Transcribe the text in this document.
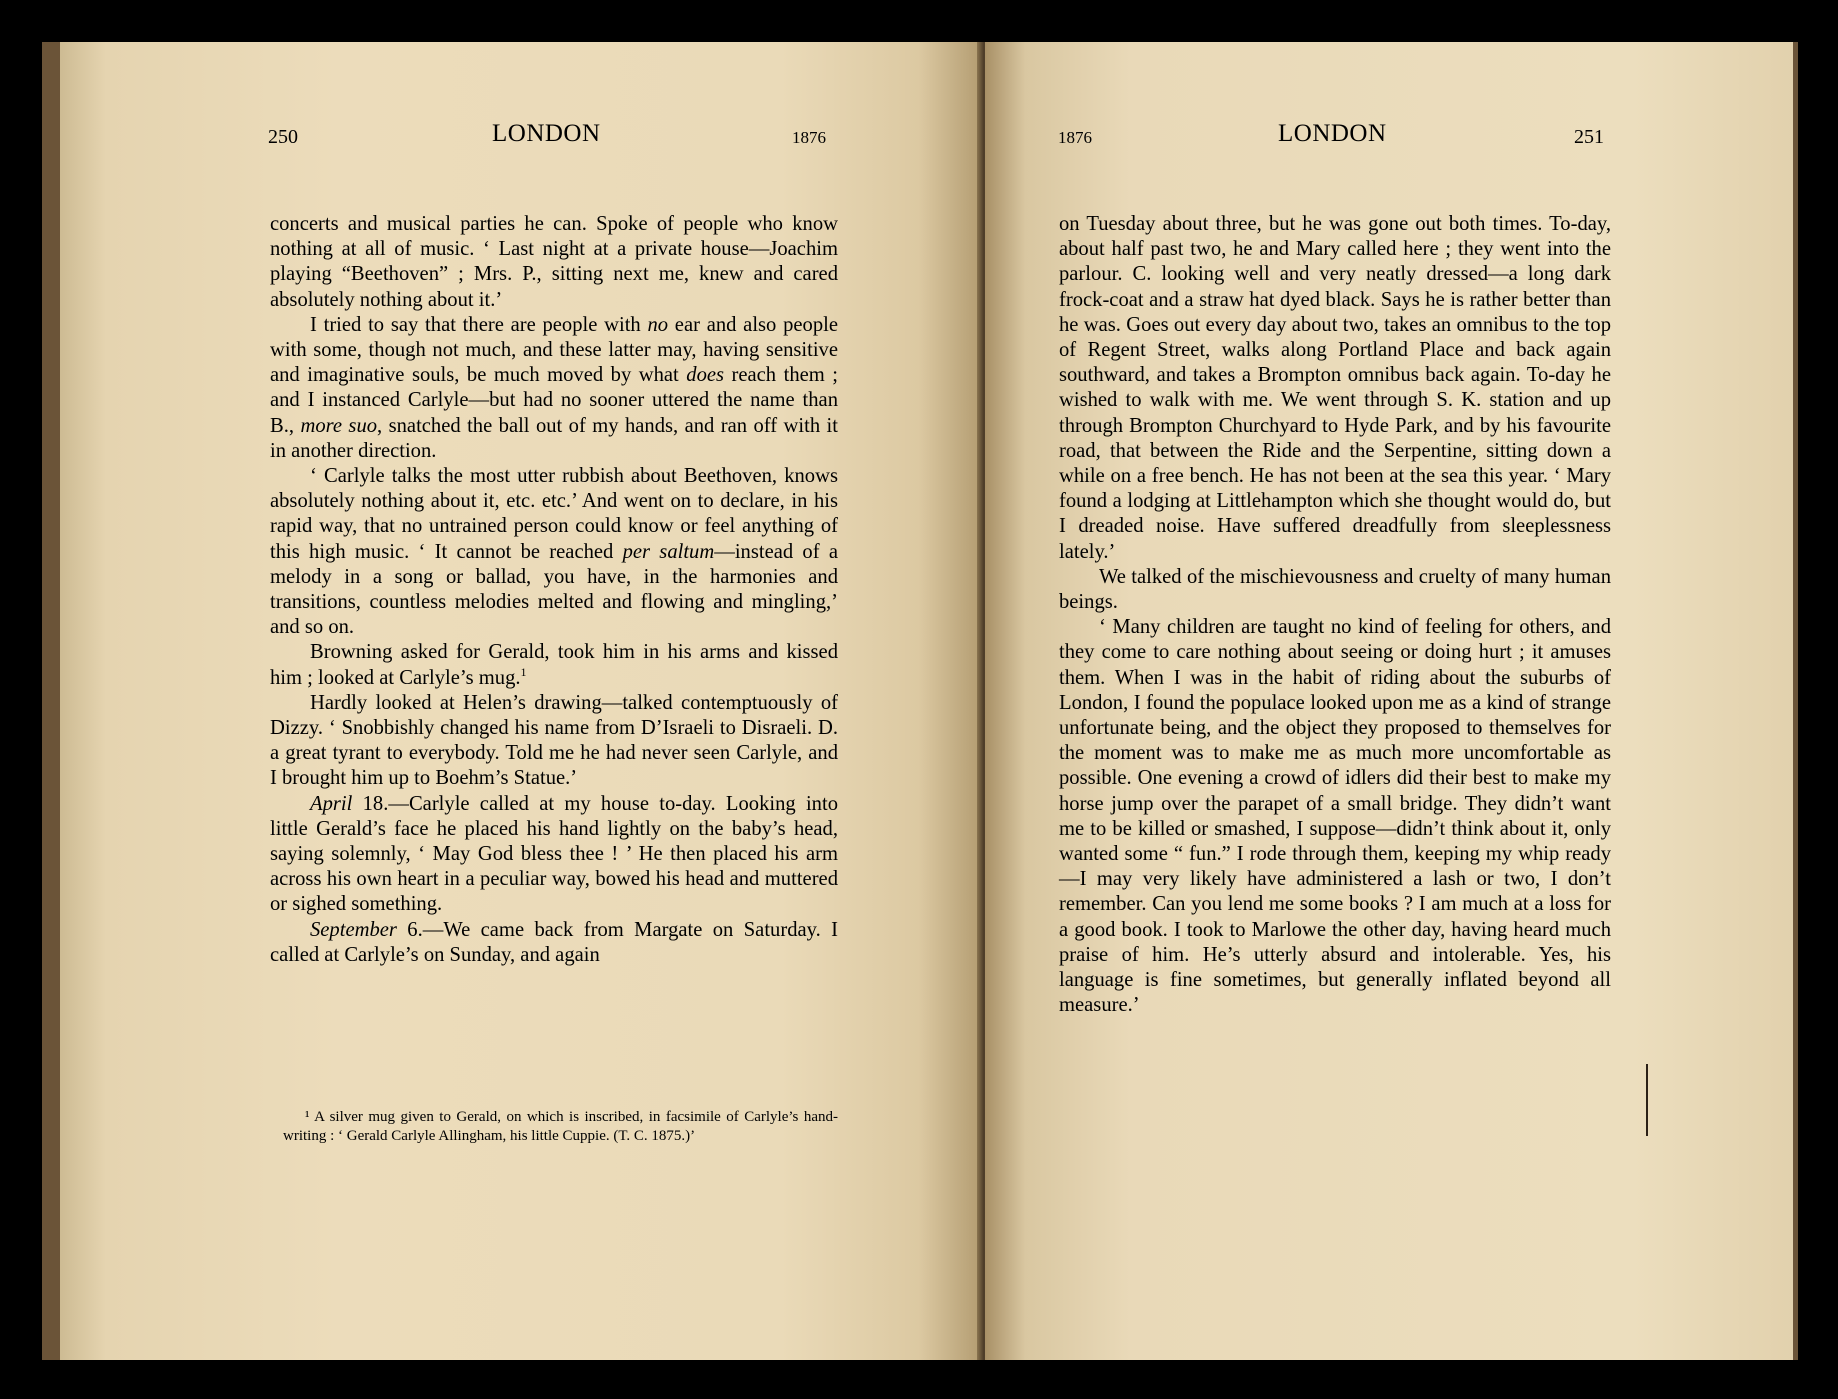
250	LONDON	1876

concerts and musical parties he can. Spoke of people who know nothing at all of music. ‘ Last night at a private house—Joachim playing “Beethoven” ; Mrs. P., sitting next me, knew and cared absolutely nothing about it.’

I tried to say that there are people with no ear and also people with some, though not much, and these latter may, having sensitive and imaginative souls, be much moved by what does reach them ; and I instanced Carlyle—but had no sooner uttered the name than B., more suo, snatched the ball out of my hands, and ran off with it in another direction.

‘ Carlyle talks the most utter rubbish about Beethoven, knows absolutely nothing about it, etc. etc.’ And went on to declare, in his rapid way, that no untrained person could know or feel anything of this high music. ‘ It cannot be reached per saltum—instead of a melody in a song or ballad, you have, in the harmonies and transitions, countless melodies melted and flowing and mingling,’ and so on.

Browning asked for Gerald, took him in his arms and kissed him ; looked at Carlyle’s mug.$^1$

Hardly looked at Helen’s drawing—talked contemptuously of Dizzy. ‘ Snobbishly changed his name from D’Israeli to Disraeli. D. a great tyrant to everybody. Told me he had never seen Carlyle, and I brought him up to Boehm’s Statue.’

April 18.—Carlyle called at my house to-day. Looking into little Gerald’s face he placed his hand lightly on the baby’s head, saying solemnly, ‘ May God bless thee ! ’ He then placed his arm across his own heart in a peculiar way, bowed his head and muttered or sighed something.

September 6.—We came back from Margate on Saturday. I called at Carlyle’s on Sunday, and again

¹ A silver mug given to Gerald, on which is inscribed, in facsimile of Carlyle’s hand-writing : ‘ Gerald Carlyle Allingham, his little Cuppie. (T. C. 1875.)’

1876	LONDON	251

on Tuesday about three, but he was gone out both times. To-day, about half past two, he and Mary called here ; they went into the parlour. C. looking well and very neatly dressed—a long dark frock-coat and a straw hat dyed black. Says he is rather better than he was. Goes out every day about two, takes an omnibus to the top of Regent Street, walks along Portland Place and back again southward, and takes a Brompton omnibus back again. To-day he wished to walk with me. We went through S. K. station and up through Brompton Churchyard to Hyde Park, and by his favourite road, that between the Ride and the Serpentine, sitting down a while on a free bench. He has not been at the sea this year. ‘ Mary found a lodging at Littlehampton which she thought would do, but I dreaded noise. Have suffered dreadfully from sleeplessness lately.’

We talked of the mischievousness and cruelty of many human beings.

‘ Many children are taught no kind of feeling for others, and they come to care nothing about seeing or doing hurt ; it amuses them. When I was in the habit of riding about the suburbs of London, I found the populace looked upon me as a kind of strange unfortunate being, and the object they proposed to themselves for the moment was to make me as much more uncomfortable as possible. One evening a crowd of idlers did their best to make my horse jump over the parapet of a small bridge. They didn’t want me to be killed or smashed, I suppose—didn’t think about it, only wanted some “ fun.” I rode through them, keeping my whip ready—I may very likely have administered a lash or two, I don’t remember. Can you lend me some books ? I am much at a loss for a good book. I took to Marlowe the other day, having heard much praise of him. He’s utterly absurd and intolerable. Yes, his language is fine sometimes, but generally inflated beyond all measure.’
